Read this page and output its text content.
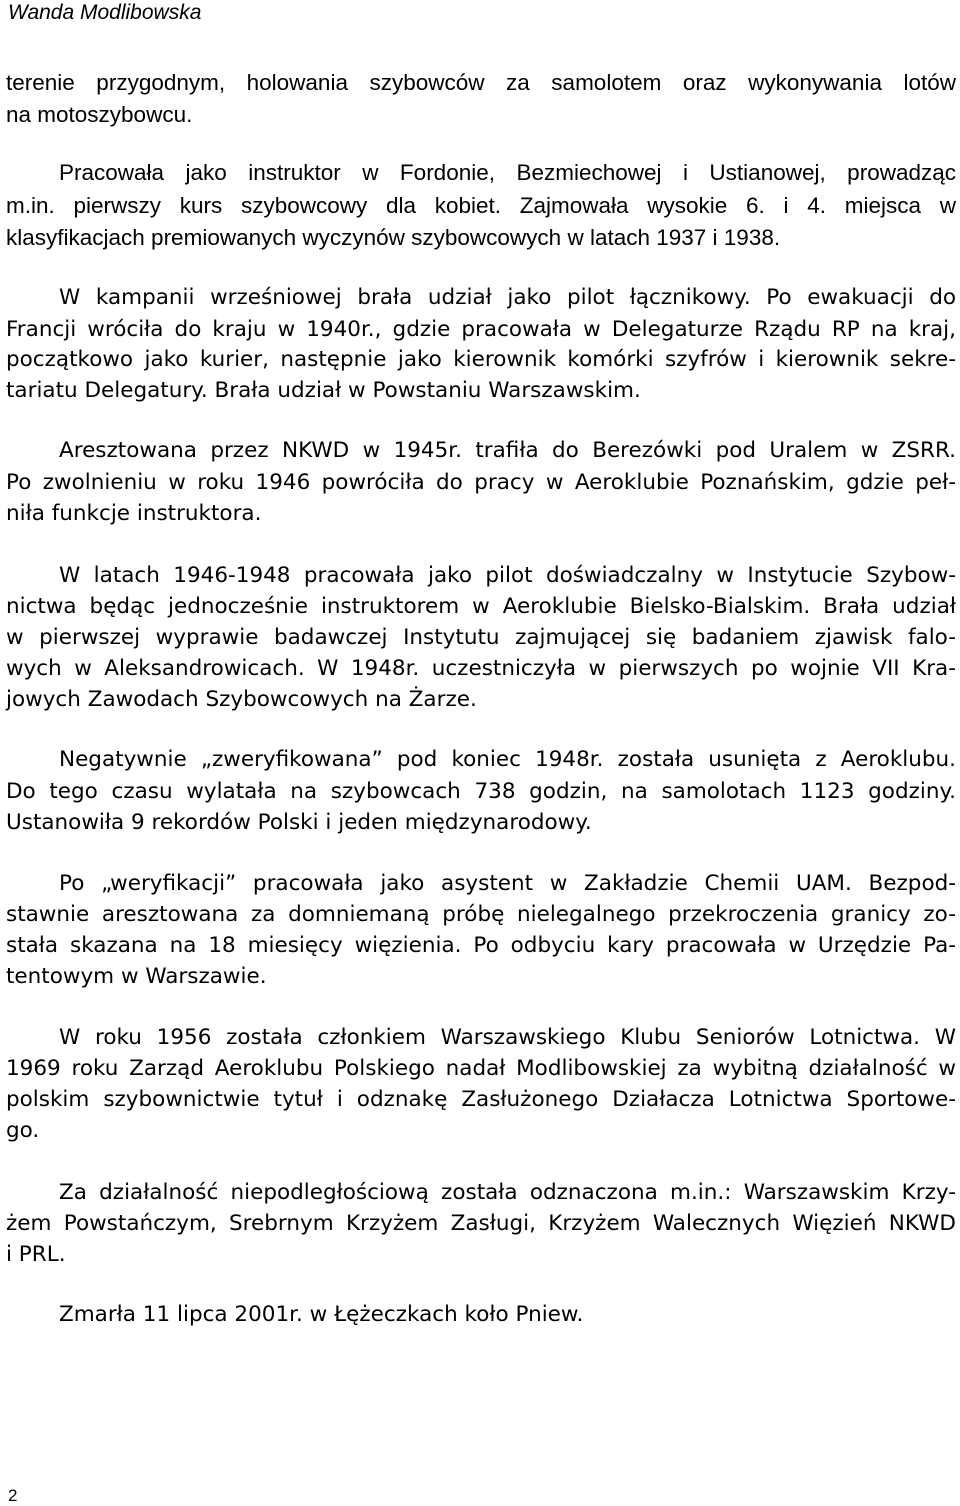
Wanda Modlibowska
terenie przygodnym, holowania szybowców za samolotem oraz wykonywania lotów
na motoszybowcu.
Pracowała jako instruktor w Fordonie, Bezmiechowej i Ustianowej, prowadząc
m.in. pierwszy kurs szybowcowy dla kobiet. Zajmowała wysokie 6. i 4. miejsca w
klasyfikacjach premiowanych wyczynów szybowcowych w latach 1937 i 1938.
W kampanii wrześniowej brała udział jako pilot łącznikowy. Po ewakuacji do
Francji wróciła do kraju w 1940r., gdzie pracowała w Delegaturze Rządu RP na kraj,
początkowo jako kurier, następnie jako kierownik komórki szyfrów i kierownik sekre-
tariatu Delegatury. Brała udział w Powstaniu Warszawskim.
Aresztowana przez NKWD w 1945r. trafiła do Berezówki pod Uralem w ZSRR.
Po zwolnieniu w roku 1946 powróciła do pracy w Aeroklubie Poznańskim, gdzie peł-
niła funkcje instruktora.
W latach 1946-1948 pracowała jako pilot doświadczalny w Instytucie Szybow-
nictwa będąc jednocześnie instruktorem w Aeroklubie Bielsko-Bialskim. Brała udział
w pierwszej wyprawie badawczej Instytutu zajmującej się badaniem zjawisk falo-
wych w Aleksandrowicach. W 1948r. uczestniczyła w pierwszych po wojnie VII Kra-
jowych Zawodach Szybowcowych na Żarze.
Negatywnie „zweryfikowana” pod koniec 1948r. została usunięta z Aeroklubu.
Do tego czasu wylatała na szybowcach 738 godzin, na samolotach 1123 godziny.
Ustanowiła 9 rekordów Polski i jeden międzynarodowy.
Po „weryfikacji” pracowała jako asystent w Zakładzie Chemii UAM. Bezpod-
stawnie aresztowana za domniemaną próbę nielegalnego przekroczenia granicy zo-
stała skazana na 18 miesięcy więzienia. Po odbyciu kary pracowała w Urzędzie Pa-
tentowym w Warszawie.
W roku 1956 została członkiem Warszawskiego Klubu Seniorów Lotnictwa. W
1969 roku Zarząd Aeroklubu Polskiego nadał Modlibowskiej za wybitną działalność w
polskim szybownictwie tytuł i odznakę Zasłużonego Działacza Lotnictwa Sportowe-
go.
Za działalność niepodległościową została odznaczona m.in.: Warszawskim Krzy-
żem Powstańczym, Srebrnym Krzyżem Zasługi, Krzyżem Walecznych Więzień NKWD
i PRL.
Zmarła 11 lipca 2001r. w Łężeczkach koło Pniew.
2
